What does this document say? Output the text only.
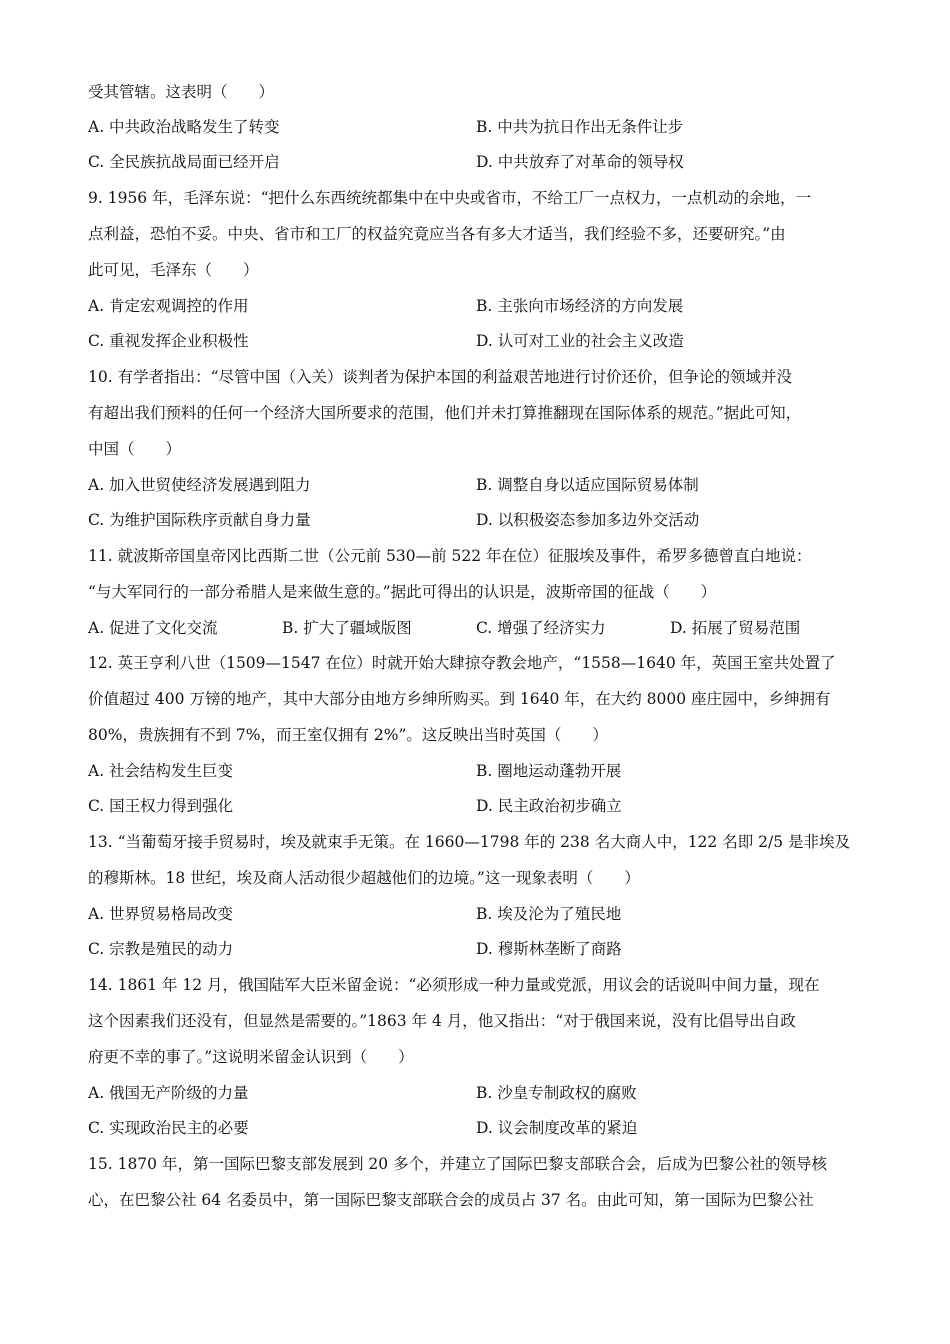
受其管辖。这表明（　　）
A. 中共政治战略发生了转变	B. 中共为抗日作出无条件让步
C. 全民族抗战局面已经开启	D. 中共放弃了对革命的领导权
9. 1956 年，毛泽东说：“把什么东西统统都集中在中央或省市，不给工厂一点权力，一点机动的余地，一
点利益，恐怕不妥。中央、省市和工厂的权益究竟应当各有多大才适当，我们经验不多，还要研究。”由
此可见，毛泽东（　　）
A. 肯定宏观调控的作用	B. 主张向市场经济的方向发展
C. 重视发挥企业积极性	D. 认可对工业的社会主义改造
10. 有学者指出：“尽管中国（入关）谈判者为保护本国的利益艰苦地进行讨价还价，但争论的领域并没
有超出我们预料的任何一个经济大国所要求的范围，他们并未打算推翻现在国际体系的规范。”据此可知，
中国（　　）
A. 加入世贸使经济发展遇到阻力	B. 调整自身以适应国际贸易体制
C. 为维护国际秩序贡献自身力量	D. 以积极姿态参加多边外交活动
11. 就波斯帝国皇帝冈比西斯二世（公元前 530—前 522 年在位）征服埃及事件，希罗多德曾直白地说：
“与大军同行的一部分希腊人是来做生意的。”据此可得出的认识是，波斯帝国的征战（　　）
A. 促进了文化交流	B. 扩大了疆域版图	C. 增强了经济实力	D. 拓展了贸易范围
12. 英王亨利八世（1509—1547 在位）时就开始大肆掠夺教会地产，“1558—1640 年，英国王室共处置了
价值超过 400 万镑的地产，其中大部分由地方乡绅所购买。到 1640 年，在大约 8000 座庄园中，乡绅拥有
80%，贵族拥有不到 7%，而王室仅拥有 2%”。这反映出当时英国（　　）
A. 社会结构发生巨变	B. 圈地运动蓬勃开展
C. 国王权力得到强化	D. 民主政治初步确立
13. “当葡萄牙接手贸易时，埃及就束手无策。在 1660—1798 年的 238 名大商人中，122 名即 2/5 是非埃及
的穆斯林。18 世纪，埃及商人活动很少超越他们的边境。”这一现象表明（　　）
A. 世界贸易格局改变	B. 埃及沦为了殖民地
C. 宗教是殖民的动力	D. 穆斯林垄断了商路
14. 1861 年 12 月，俄国陆军大臣米留金说：“必须形成一种力量或党派，用议会的话说叫中间力量，现在
这个因素我们还没有，但显然是需要的。”1863 年 4 月，他又指出：“对于俄国来说，没有比倡导出自政
府更不幸的事了。”这说明米留金认识到（　　）
A. 俄国无产阶级的力量	B. 沙皇专制政权的腐败
C. 实现政治民主的必要	D. 议会制度改革的紧迫
15. 1870 年，第一国际巴黎支部发展到 20 多个，并建立了国际巴黎支部联合会，后成为巴黎公社的领导核
心，在巴黎公社 64 名委员中，第一国际巴黎支部联合会的成员占 37 名。由此可知，第一国际为巴黎公社
